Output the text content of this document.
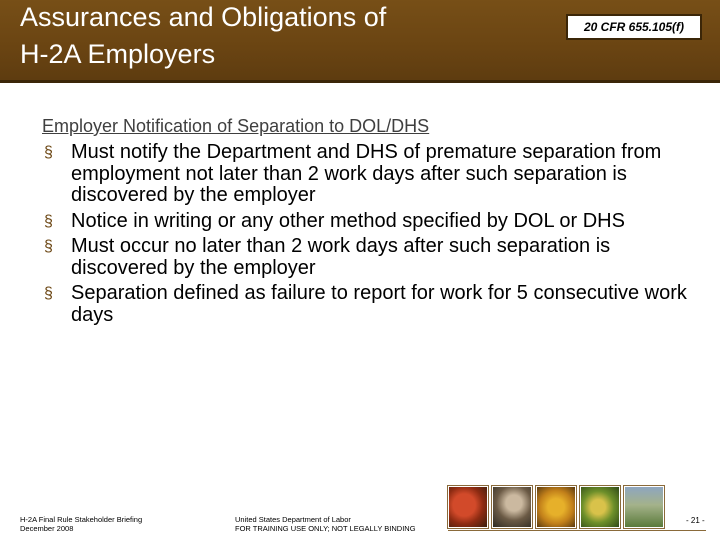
Assurances and Obligations of
H-2A Employers
20 CFR 655.105(f)
Employer Notification of Separation to DOL/DHS
§ Must notify the Department and DHS of premature separation from employment not later than 2 work days after such separation is discovered by the employer
§ Notice in writing or any other method specified by DOL or DHS
§ Must occur no later than 2 work days after such separation is discovered by the employer
§ Separation defined as failure to report for work for 5 consecutive work days
H-2A Final Rule Stakeholder Briefing
December 2008
United States Department of Labor
FOR TRAINING USE ONLY; NOT LEGALLY BINDING
- 21 -
